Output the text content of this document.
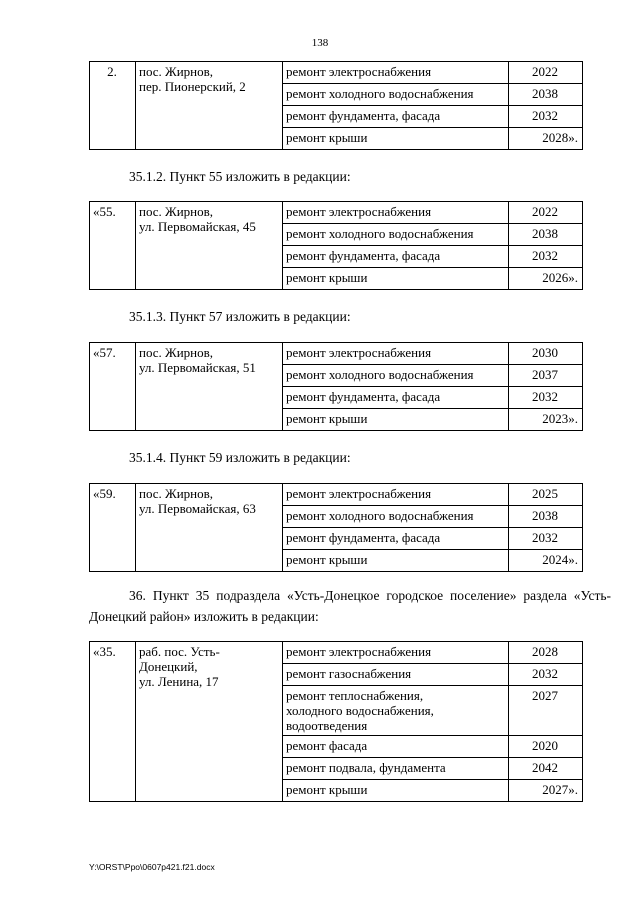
138
2.	пос. Жирнов,
пер. Пионерский, 2	ремонт электроснабжения	2022
		ремонт холодного водоснабжения	2038
		ремонт фундамента, фасада	2032
		ремонт крыши	2028».
35.1.2. Пункт 55 изложить в редакции:
«55.	пос. Жирнов,
ул. Первомайская, 45	ремонт электроснабжения	2022
		ремонт холодного водоснабжения	2038
		ремонт фундамента, фасада	2032
		ремонт крыши	2026».
35.1.3. Пункт 57 изложить в редакции:
«57.	пос. Жирнов,
ул. Первомайская, 51	ремонт электроснабжения	2030
		ремонт холодного водоснабжения	2037
		ремонт фундамента, фасада	2032
		ремонт крыши	2023».
35.1.4. Пункт 59 изложить в редакции:
«59.	пос. Жирнов,
ул. Первомайская, 63	ремонт электроснабжения	2025
		ремонт холодного водоснабжения	2038
		ремонт фундамента, фасада	2032
		ремонт крыши	2024».
36. Пункт 35 подраздела «Усть-Донецкое городское поселение» раздела «Усть-Донецкий район» изложить в редакции:
«35.	раб. пос. Усть-
Донецкий,
ул. Ленина, 17	ремонт электроснабжения	2028
		ремонт газоснабжения	2032
		ремонт теплоснабжения,
холодного водоснабжения,
водоотведения	2027
		ремонт фасада	2020
		ремонт подвала, фундамента	2042
		ремонт крыши	2027».
Y:\ORST\Ppo\0607p421.f21.docx
